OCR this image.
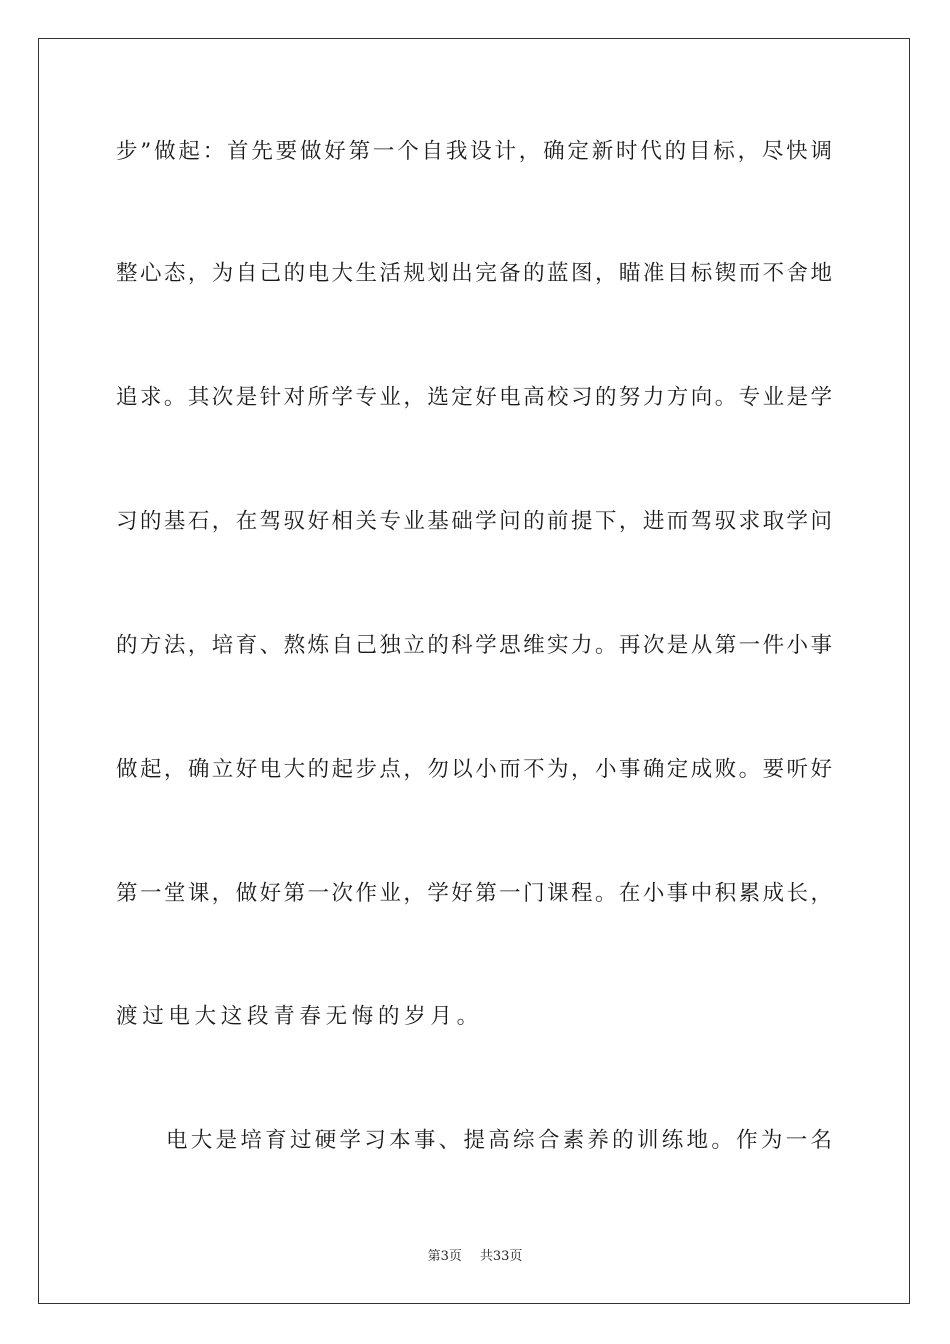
步”做起：首先要做好第一个自我设计，确定新时代的目标，尽快调
整心态，为自己的电大生活规划出完备的蓝图，瞄准目标锲而不舍地
追求。其次是针对所学专业，选定好电高校习的努力方向。专业是学
习的基石，在驾驭好相关专业基础学问的前提下，进而驾驭求取学问
的方法，培育、熬炼自己独立的科学思维实力。再次是从第一件小事
做起，确立好电大的起步点，勿以小而不为，小事确定成败。要听好
第一堂课，做好第一次作业，学好第一门课程。在小事中积累成长，
渡过电大这段青春无悔的岁月。
电大是培育过硬学习本事、提高综合素养的训练地。作为一名
第3页 共33页
